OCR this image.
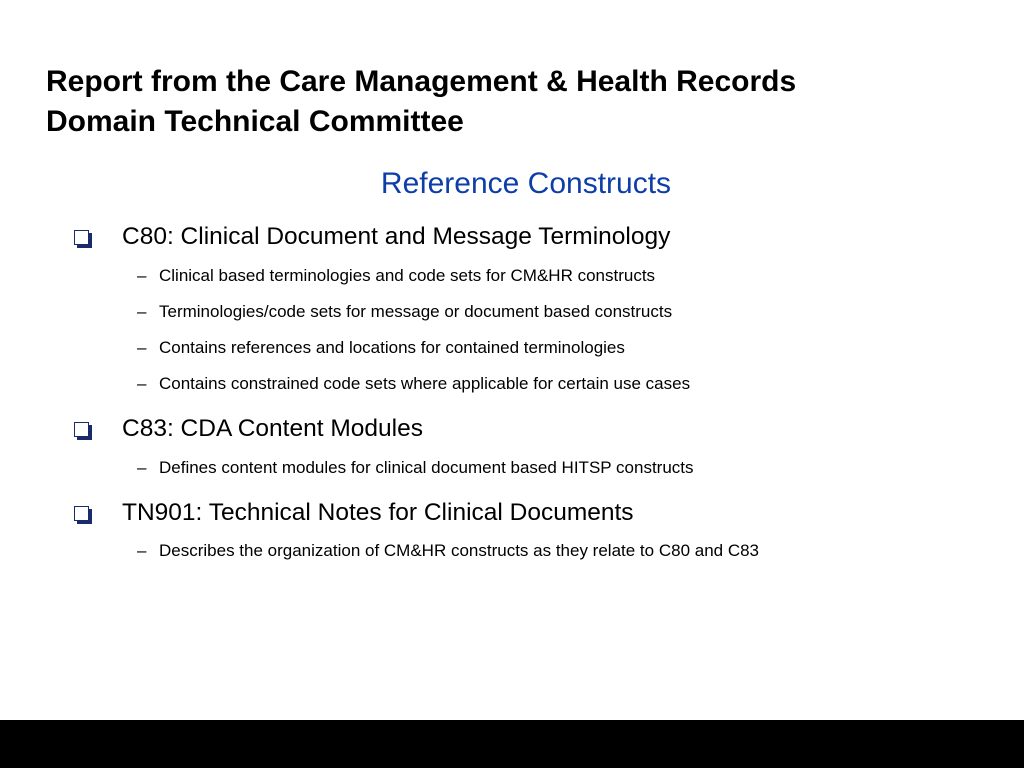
Report from the Care Management & Health Records
Domain Technical Committee
Reference Constructs
C80: Clinical Document and Message Terminology
– Clinical based terminologies and code sets for CM&HR constructs
– Terminologies/code sets for message or document based constructs
– Contains references and locations for contained terminologies
– Contains constrained code sets where applicable for certain use cases
C83: CDA Content Modules
– Defines content modules for clinical document based HITSP constructs
TN901: Technical Notes for Clinical Documents
– Describes the organization of CM&HR constructs as they relate to C80 and C83
